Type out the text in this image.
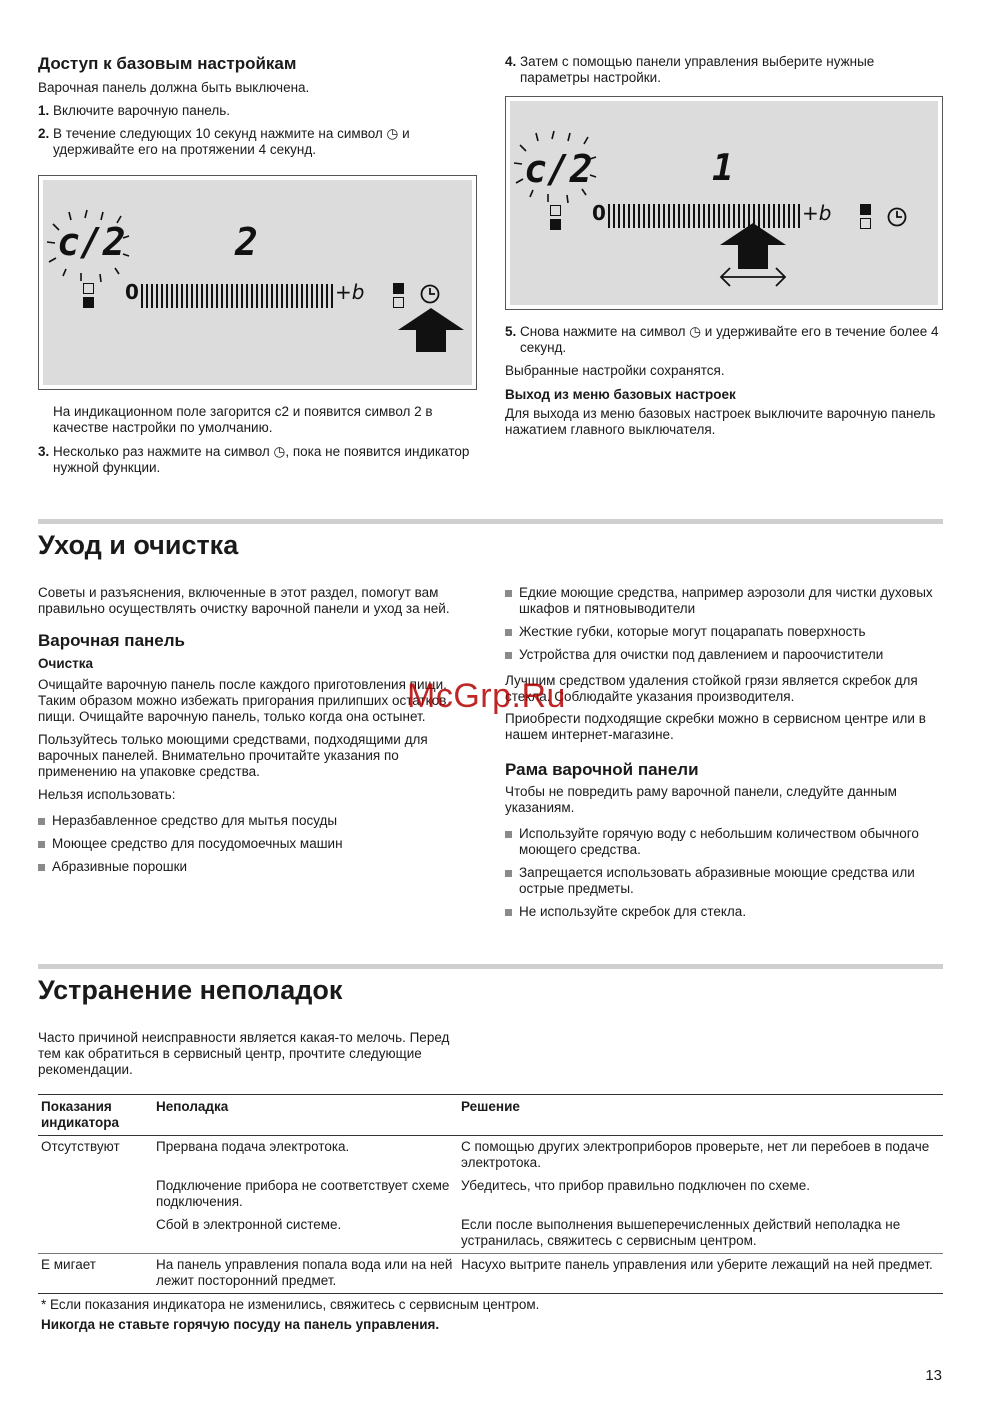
Доступ к базовым настройкам

Варочная панель должна быть выключена.

1. Включите варочную панель.
2. В течение следующих 10 секунд нажмите на символ ◷ и удерживайте его на протяжении 4 секунд.
c/2	2
0	+b
На индикационном поле загорится c2 и появится символ 2 в качестве настройки по умолчанию.
3. Несколько раз нажмите на символ ◷, пока не появится индикатор нужной функции.
4. Затем с помощью панели управления выберите нужные параметры настройки.
c/2	1
0	+b
5. Снова нажмите на символ ◷ и удерживайте его в течение более 4 секунд.

Выбранные настройки сохранятся.

Выход из меню базовых настроек

Для выхода из меню базовых настроек выключите варочную панель нажатием главного выключателя.

Уход и очистка

Советы и разъяснения, включенные в этот раздел, помогут вам правильно осуществлять очистку варочной панели и уход за ней.

Варочная панель
Очистка

Очищайте варочную панель после каждого приготовления пищи. Таким образом можно избежать пригорания прилипших остатков пищи. Очищайте варочную панель, только когда она остынет.

Пользуйтесь только моющими средствами, подходящими для варочных панелей. Внимательно прочитайте указания по применению на упаковке средства.

Нельзя использовать:

Неразбавленное средство для мытья посуды
Моющее средство для посудомоечных машин
Абразивные порошки
Едкие моющие средства, например аэрозоли для чистки духовых шкафов и пятновыводители
Жесткие губки, которые могут поцарапать поверхность
Устройства для очистки под давлением и пароочистители

Лучшим средством удаления стойкой грязи является скребок для стекла. Соблюдайте указания производителя.

Приобрести подходящие скребки можно в сервисном центре или в нашем интернет-магазине.

Рама варочной панели

Чтобы не повредить раму варочной панели, следуйте данным указаниям.

Используйте горячую воду с небольшим количеством обычного моющего средства.
Запрещается использовать абразивные моющие средства или острые предметы.
Не используйте скребок для стекла.
McGrp.Ru
Устранение неполадок
Часто причиной неисправности является какая-то мелочь. Перед тем как обратиться в сервисный центр, прочтите следующие рекомендации.
Показания индикатора	Неполадка	Решение
Отсутствуют	Прервана подача электротока.	С помощью других электроприборов проверьте, нет ли перебоев в подаче электротока.
	Подключение прибора не соответствует схеме подключения.	Убедитесь, что прибор правильно подключен по схеме.
	Сбой в электронной системе.	Если после выполнения вышеперечисленных действий неполадка не устранилась, свяжитесь с сервисным центром.
E мигает	На панель управления попала вода или на ней лежит посторонний предмет.	Насухо вытрите панель управления или уберите лежащий на ней предмет.
* Если показания индикатора не изменились, свяжитесь с сервисным центром.
Никогда не ставьте горячую посуду на панель управления.
13
